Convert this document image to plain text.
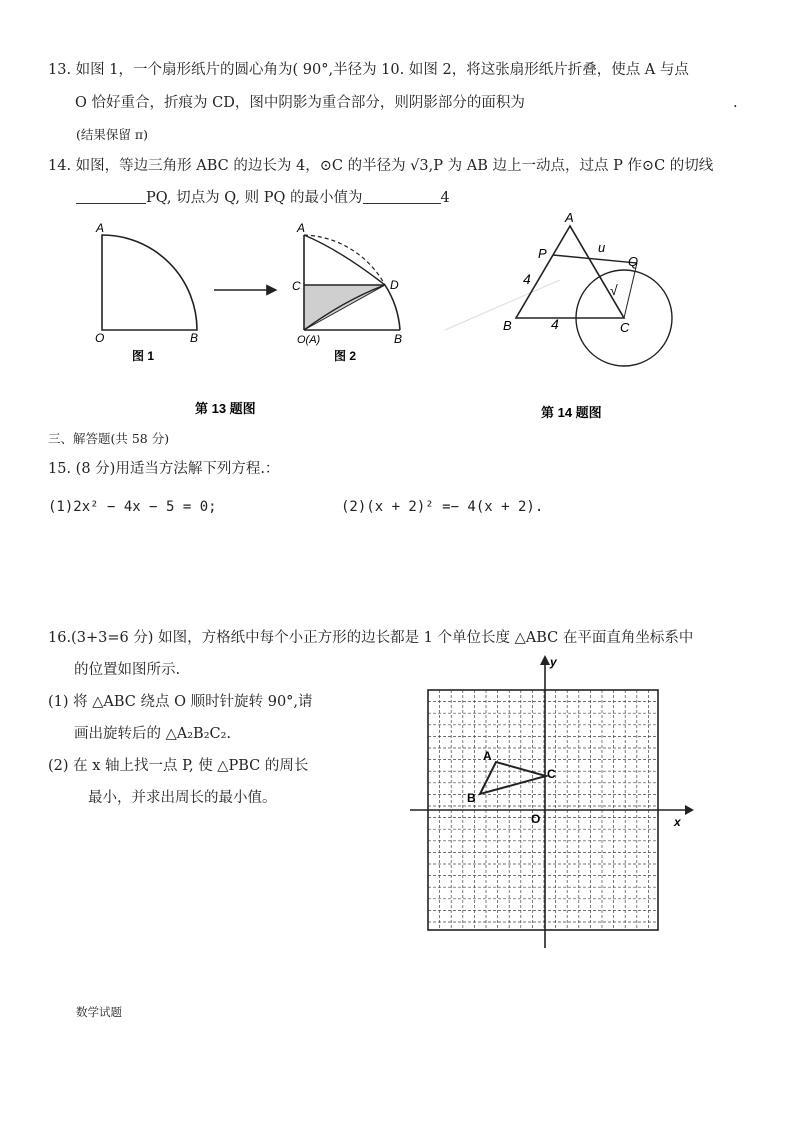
13. 如图 1，一个扇形纸片的圆心角为( 90°,半径为 10. 如图 2，将这张扇形纸片折叠，使点 A 与点
O 恰好重合，折痕为 CD，图中阴影为重合部分，则阴影部分的面积为	.
(结果保留 π)
14. 如图，等边三角形 ABC 的边长为 4，⊙C 的半径为 √3,P 为 AB 边上一动点，过点 P 作⊙C 的切线
PQ, 切点为 Q, 则 PQ 的最小值为	4
A
O	B
图 1
A
C	D
O(A)	B
图 2
第 13 题图
A
P
Q
B	C
u
4
4
√
第 14 题图
三、解答题(共 58 分)
15. (8 分)用适当方法解下列方程.：
(1)2x² − 4x − 5 = 0;	(2)(x + 2)² =− 4(x + 2).
16.(3+3=6 分) 如图，方格纸中每个小正方形的边长都是 1 个单位长度 △ABC 在平面直角坐标系中
的位置如图所示.
(1) 将 △ABC 绕点 O 顺时针旋转 90°,请
画出旋转后的 △A₂B₂C₂.
(2) 在 x 轴上找一点 P, 使 △PBC 的周长
最小，并求出周长的最小值。
x
y
O
A
B
C
数学试题
